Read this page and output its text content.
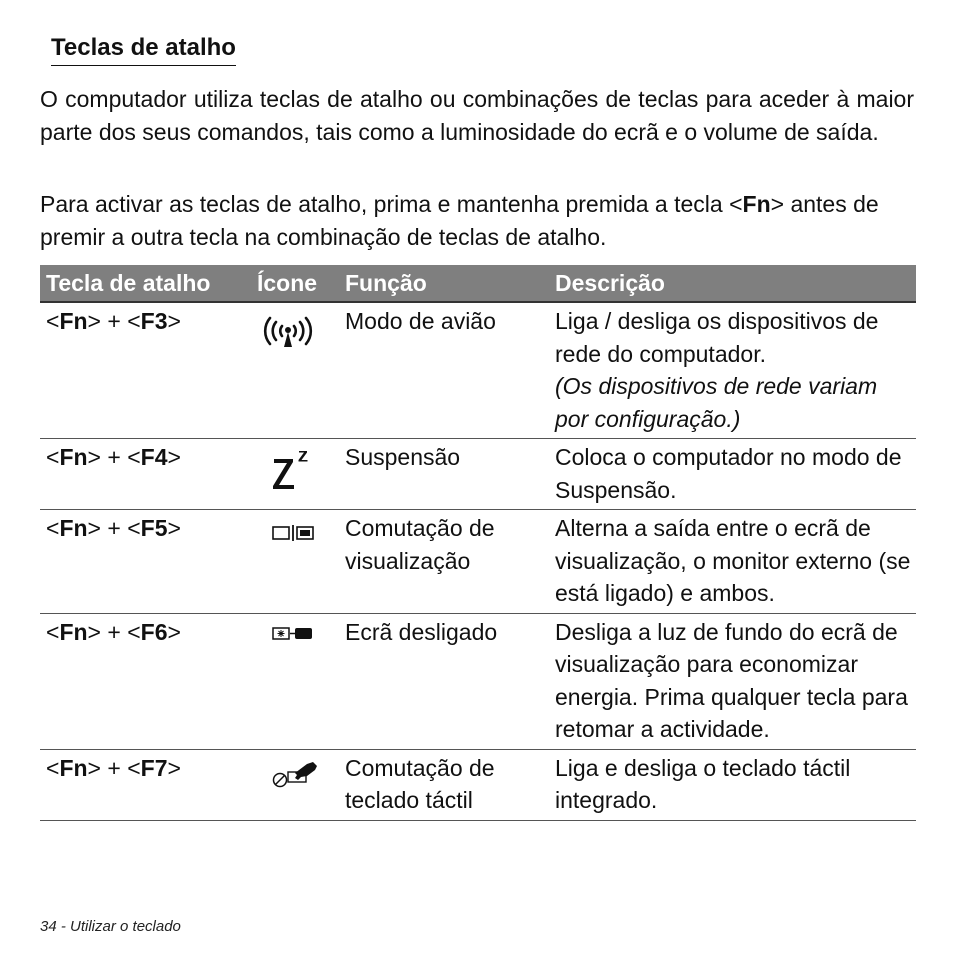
Teclas de atalho

O computador utiliza teclas de atalho ou combinações de teclas para aceder à maior parte dos seus comandos, tais como a luminosidade do ecrã e o volume de saída.

Para activar as teclas de atalho, prima e mantenha premida a tecla <Fn> antes de premir a outra tecla na combinação de teclas de atalho.

Tecla de atalho	Ícone	Função	Descrição
<Fn> + <F3>		Modo de avião	Liga / desliga os dispositivos de rede do computador.
(Os dispositivos de rede variam por configuração.)

<Fn> + <F4>		Suspensão	Coloca o computador no modo de Suspensão.
<Fn> + <F5>		Comutação de visualização	Alterna a saída entre o ecrã de visualização, o monitor externo (se está ligado) e ambos.
<Fn> + <F6>		Ecrã desligado	Desliga a luz de fundo do ecrã de visualização para economizar energia. Prima qualquer tecla para retomar a actividade.
<Fn> + <F7>		Comutação de teclado táctil	Liga e desliga o teclado táctil integrado.
34 - Utilizar o teclado
